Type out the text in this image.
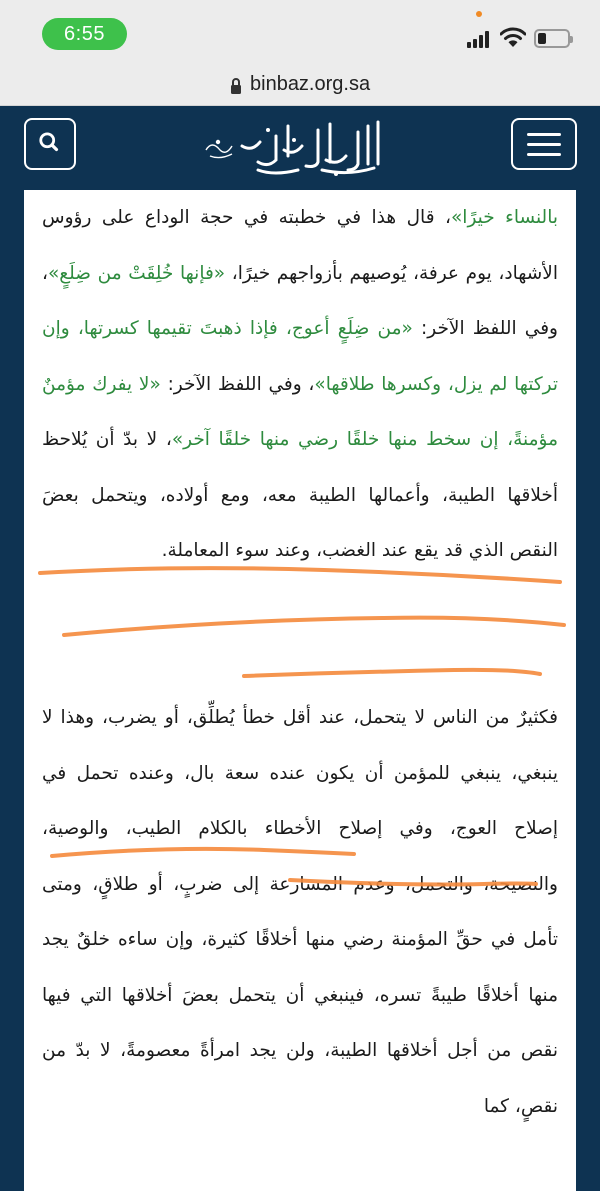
6:55
binbaz.org.sa
بالنساء خيرًا»، قال هذا في خطبته في حجة الوداع على رؤوس الأشهاد، يوم عرفة، يُوصيهم بأزواجهم خيرًا، «فإنها خُلِقَتْ من ضِلَعٍ»، وفي اللفظ الآخر: «من ضِلَعٍ أعوج، فإذا ذهبتَ تقيمها كسرتها، وإن تركتها لم يزل، وكسرها طلاقها»، وفي اللفظ الآخر: «لا يفرك مؤمنٌ مؤمنةً، إن سخط منها خلقًا رضي منها خلقًا آخر»، لا بدّ أن يُلاحظ أخلاقها الطيبة، وأعمالها الطيبة معه، ومع أولاده، ويتحمل بعضَ النقص الذي قد يقع عند الغضب، وعند سوء المعاملة.
فكثيرٌ من الناس لا يتحمل، عند أقل خطأ يُطلِّق، أو يضرب، وهذا لا ينبغي، ينبغي للمؤمن أن يكون عنده سعة بال، وعنده تحمل في إصلاح العوج، وفي إصلاح الأخطاء بالكلام الطيب، والوصية، والنصيحة، والتحمل، وعدم المسارعة إلى ضربٍ، أو طلاقٍ، ومتى تأمل في حقِّ المؤمنة رضي منها أخلاقًا كثيرة، وإن ساءه خلقٌ يجد منها أخلاقًا طيبةً تسره، فينبغي أن يتحمل بعضَ أخلاقها التي فيها نقص من أجل أخلاقها الطيبة، ولن يجد امرأةً معصومةً، لا بدّ من نقصٍ، كما
